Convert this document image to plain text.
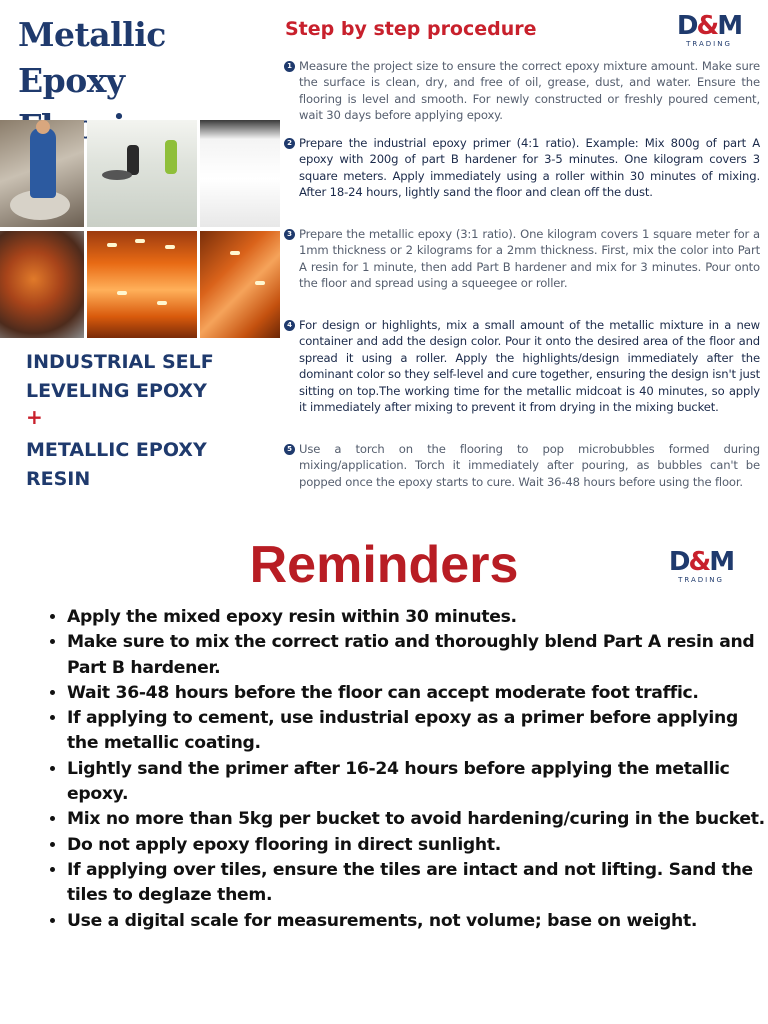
Metallic Epoxy

INDUSTRIAL SELF LEVELING EPOXY

+

METALLIC EPOXY RESIN

Step by step procedure	D&M
TRADING
1 Measure the project size to ensure the correct epoxy mixture amount. Make sure the surface is clean, dry, and free of oil, grease, dust, and water. Ensure the flooring is level and smooth. For newly constructed or freshly poured cement, wait 30 days before applying epoxy.

2 Prepare the industrial epoxy primer (4:1 ratio). Example: Mix 800g of part A epoxy with 200g of part B hardener for 3-5 minutes. One kilogram covers 3 square meters. Apply immediately using a roller within 30 minutes of mixing. After 18-24 hours, lightly sand the floor and clean off the dust.

3 Prepare the metallic epoxy (3:1 ratio). One kilogram covers 1 square meter for a 1mm thickness or 2 kilograms for a 2mm thickness. First, mix the color into Part A resin for 1 minute, then add Part B hardener and mix for 3 minutes. Pour onto the floor and spread using a squeegee or roller.

4 For design or highlights, mix a small amount of the metallic mixture in a new container and add the design color. Pour it onto the desired area of the floor and spread it using a roller. Apply the highlights/design immediately after the dominant color so they self-level and cure together, ensuring the design isn't just sitting on top.The working time for the metallic midcoat is 40 minutes, so apply it immediately after mixing to prevent it from drying in the mixing bucket.

5 Use a torch on the flooring to pop microbubbles formed during mixing/application. Torch it immediately after pouring, as bubbles can't be popped once the epoxy starts to cure. Wait 36-48 hours before using the floor.

Reminders	D&M
TRADING
• Apply the mixed epoxy resin within 30 minutes.
• Make sure to mix the correct ratio and thoroughly blend Part A resin and Part B hardener.
• Wait 36-48 hours before the floor can accept moderate foot traffic.
• If applying to cement, use industrial epoxy as a primer before applying the metallic coating.
• Lightly sand the primer after 16-24 hours before applying the metallic epoxy.
• Mix no more than 5kg per bucket to avoid hardening/curing in the bucket.
• Do not apply epoxy flooring in direct sunlight.
• If applying over tiles, ensure the tiles are intact and not lifting. Sand the tiles to deglaze them.
• Use a digital scale for measurements, not volume; base on weight.
